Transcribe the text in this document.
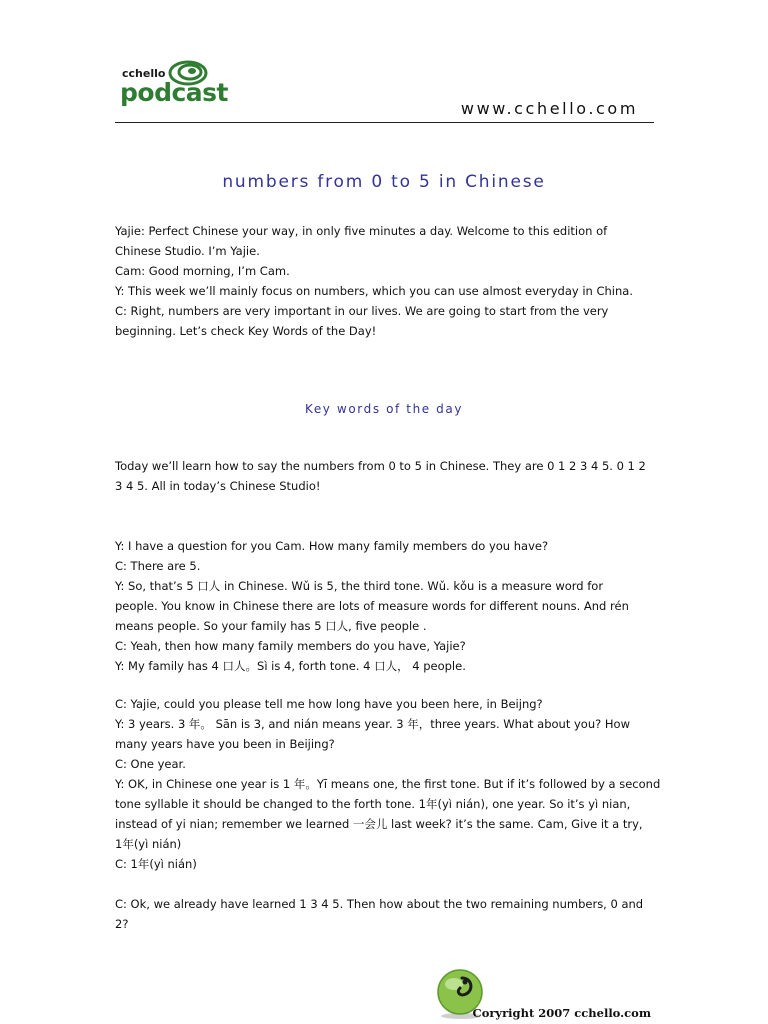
cchello
podcast
www.cchello.com
numbers from 0 to 5 in Chinese
Yajie: Perfect Chinese your way, in only five minutes a day. Welcome to this edition of
Chinese Studio. I’m Yajie.
Cam: Good morning, I’m Cam.
Y: This week we’ll mainly focus on numbers, which you can use almost everyday in China.
C: Right, numbers are very important in our lives. We are going to start from the very
beginning. Let’s check Key Words of the Day!
Key words of the day
Today we’ll learn how to say the numbers from 0 to 5 in Chinese. They are 0 1 2 3 4 5. 0 1 2
3 4 5. All in today’s Chinese Studio!
Y: I have a question for you Cam. How many family members do you have?
C: There are 5.
Y: So, that’s 5 口人 in Chinese. Wǔ is 5, the third tone. Wǔ. kǒu is a measure word for
people. You know in Chinese there are lots of measure words for different nouns. And rén
means people. So your family has 5 口人, five people .
C: Yeah, then how many family members do you have, Yajie?
Y: My family has 4 口人。Sì is 4, forth tone. 4 口人， 4 people.
C: Yajie, could you please tell me how long have you been here, in Beijng?
Y: 3 years. 3 年。 Sān is 3, and nián means year. 3 年，three years. What about you? How
many years have you been in Beijing?
C: One year.
Y: OK, in Chinese one year is 1 年。Yī means one, the first tone. But if it’s followed by a second
tone syllable it should be changed to the forth tone. 1年(yì nián), one year. So it’s yì nian,
instead of yi nian; remember we learned 一会儿 last week? it’s the same. Cam, Give it a try,
1年(yì nián)
C: 1年(yì nián)
C: Ok, we already have learned 1 3 4 5. Then how about the two remaining numbers, 0 and
2?
Coryright 2007 cchello.com
